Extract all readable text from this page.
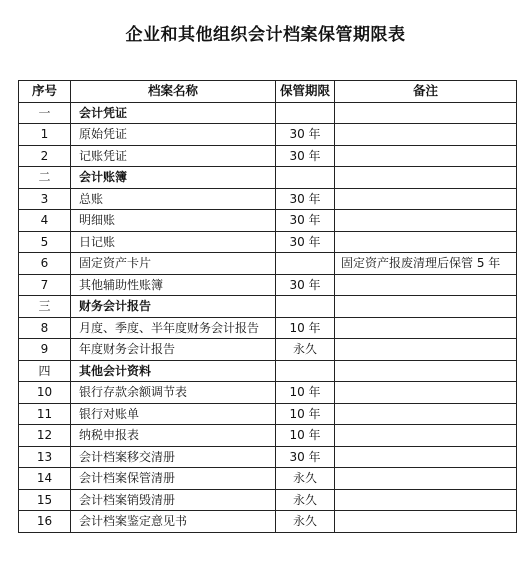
企业和其他组织会计档案保管期限表
序号	档案名称	保管期限	备注
一	会计凭证		
1	原始凭证	30 年	
2	记账凭证	30 年	
二	会计账簿		
3	总账	30 年	
4	明细账	30 年	
5	日记账	30 年	
6	固定资产卡片		固定资产报废清理后保管 5 年
7	其他辅助性账簿	30 年	
三	财务会计报告		
8	月度、季度、半年度财务会计报告	10 年	
9	年度财务会计报告	永久	
四	其他会计资料		
10	银行存款余额调节表	10 年	
11	银行对账单	10 年	
12	纳税申报表	10 年	
13	会计档案移交清册	30 年	
14	会计档案保管清册	永久	
15	会计档案销毁清册	永久	
16	会计档案鉴定意见书	永久	
